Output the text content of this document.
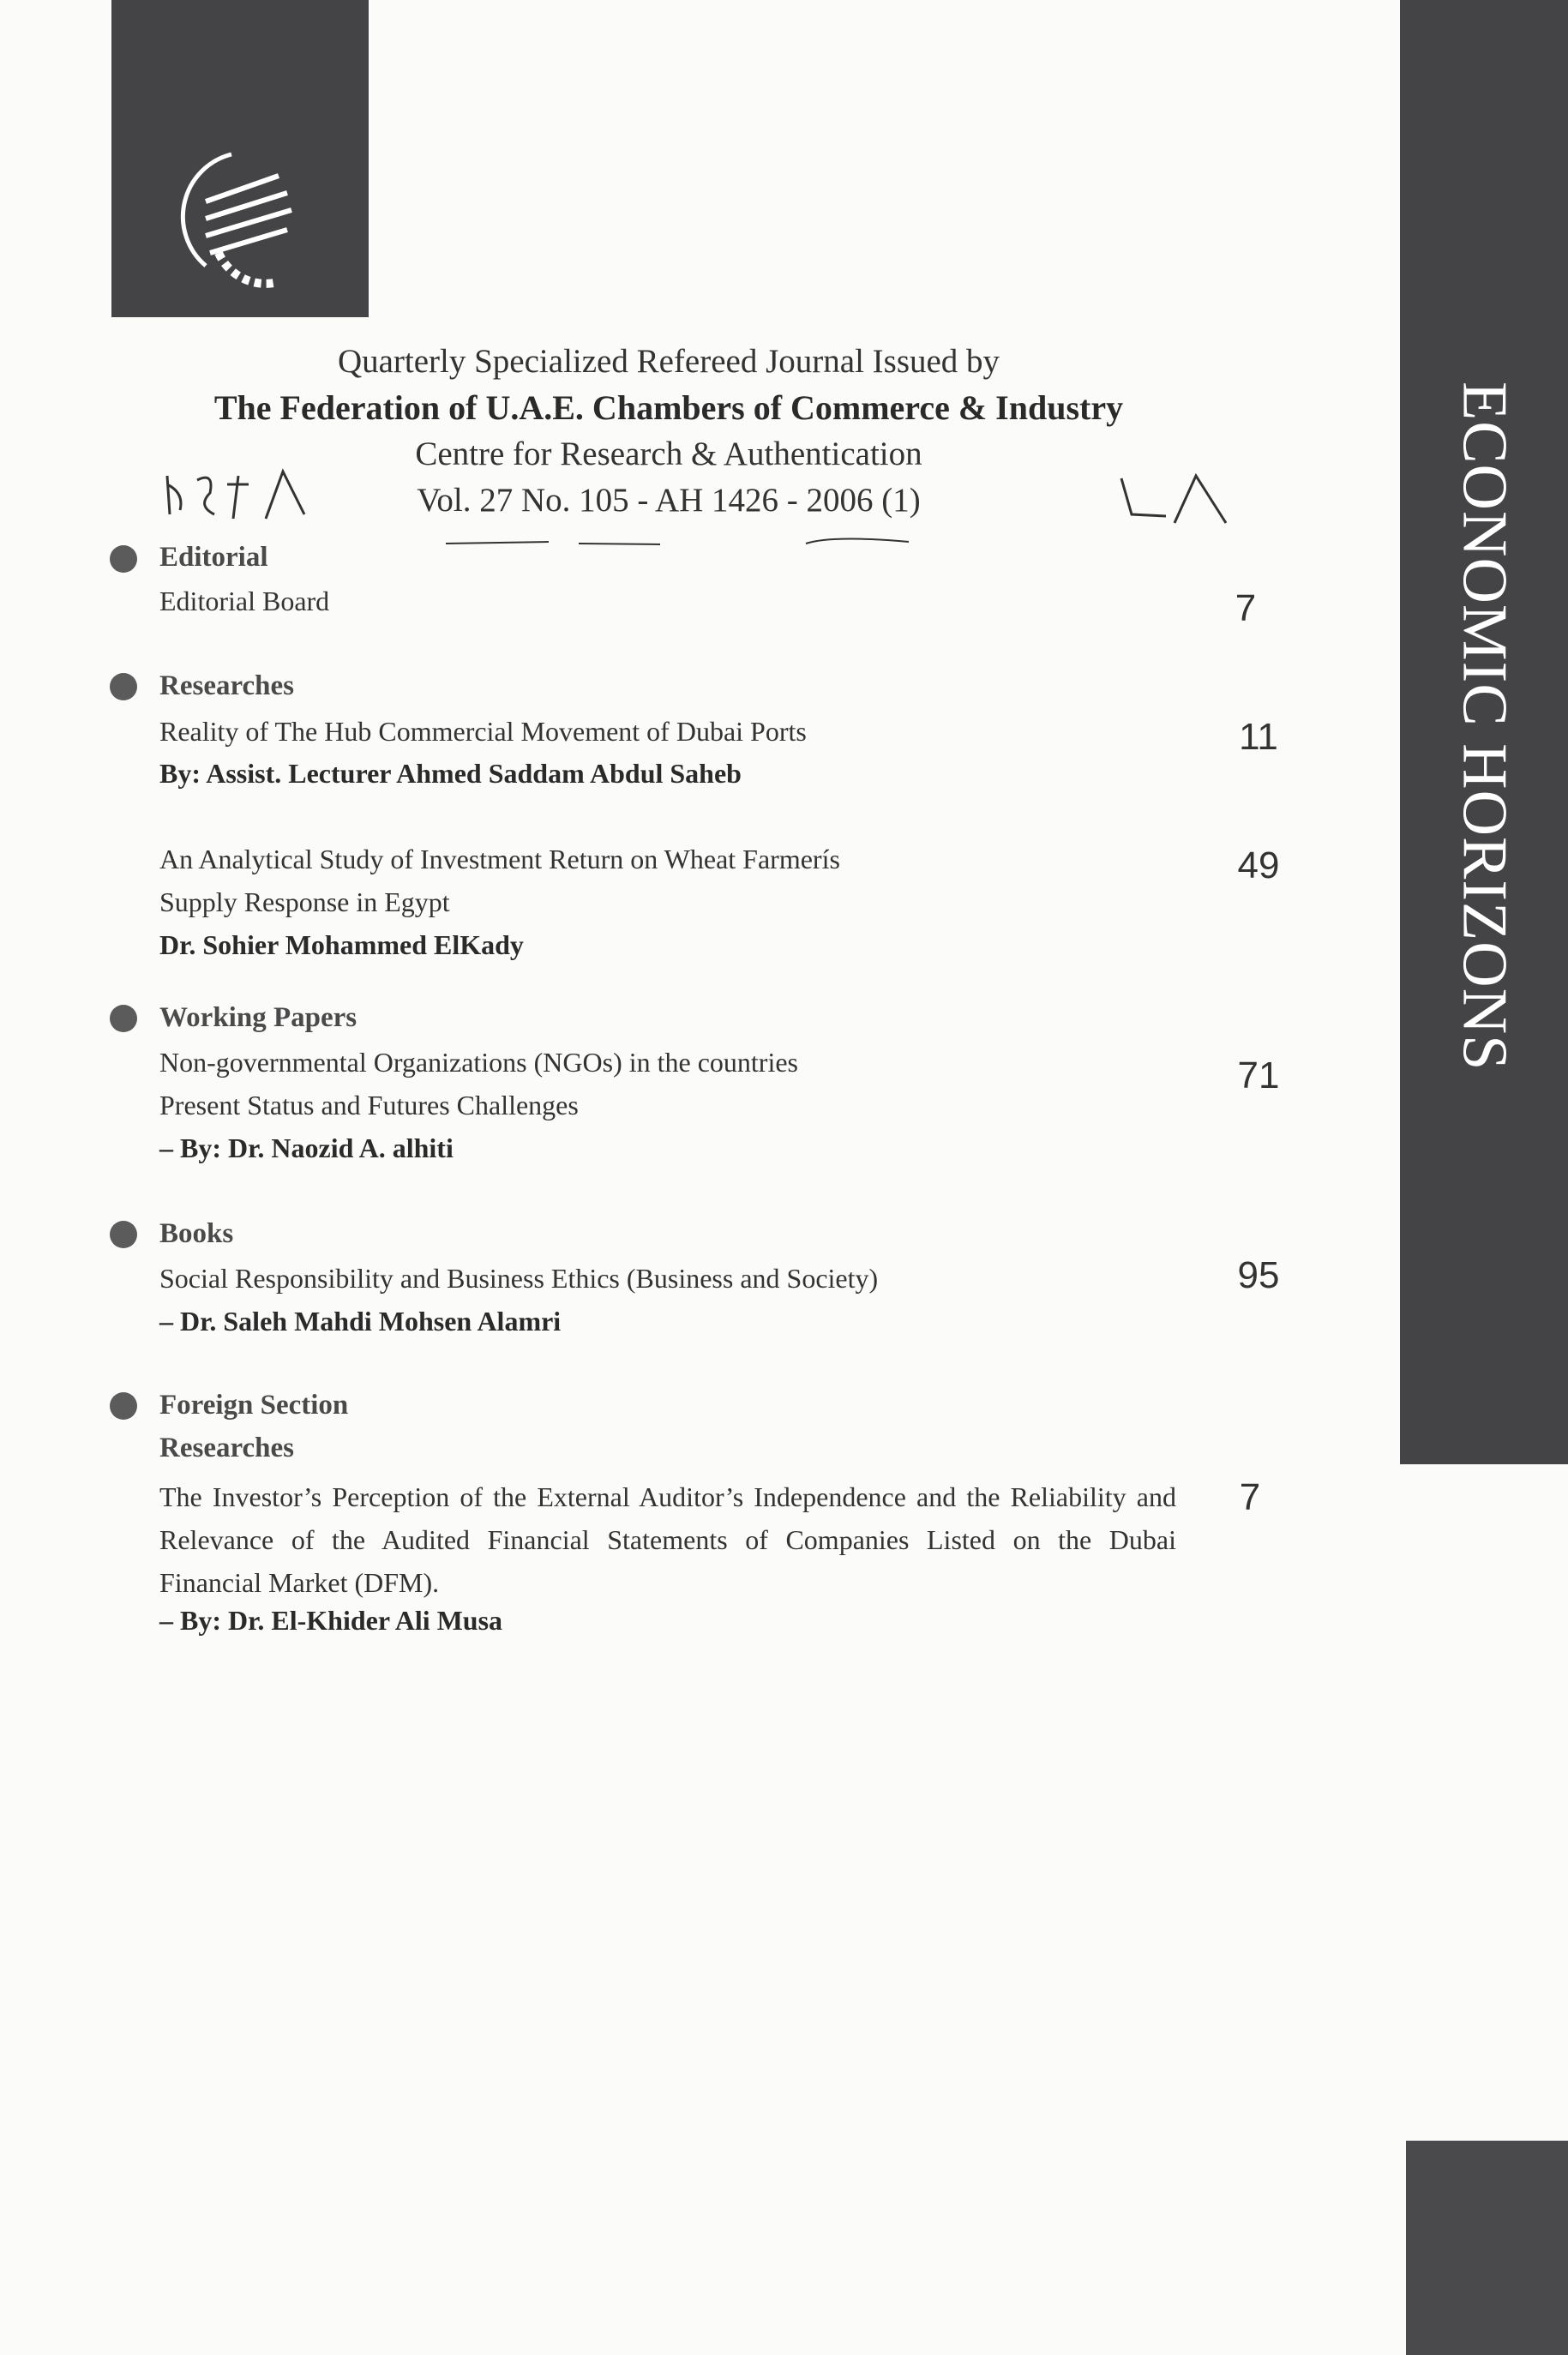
ECONOMIC HORIZONS
Quarterly Specialized Refereed Journal Issued by
The Federation of U.A.E. Chambers of Commerce & Industry
Centre for Research & Authentication
Vol. 27 No. 105 - AH 1426 - 2006 (1)
Editorial
Editorial Board	7
Researches
Reality of The Hub Commercial Movement of Dubai Ports
By: Assist. Lecturer Ahmed Saddam Abdul Saheb
11
An Analytical Study of Investment Return on Wheat Farmerís
Supply Response in Egypt
Dr. Sohier Mohammed ElKady
49
Working Papers
Non-governmental Organizations (NGOs) in the countries
Present Status and Futures Challenges
– By: Dr. Naozid A. alhiti
71
Books
Social Responsibility and Business Ethics (Business and Society)
– Dr. Saleh Mahdi Mohsen Alamri
95
Foreign Section
Researches
The Investor’s Perception of the External Auditor’s Independence and the Reliability and
Relevance of the Audited Financial Statements of Companies Listed on the Dubai
Financial Market (DFM).
– By: Dr. El-Khider Ali Musa
7
